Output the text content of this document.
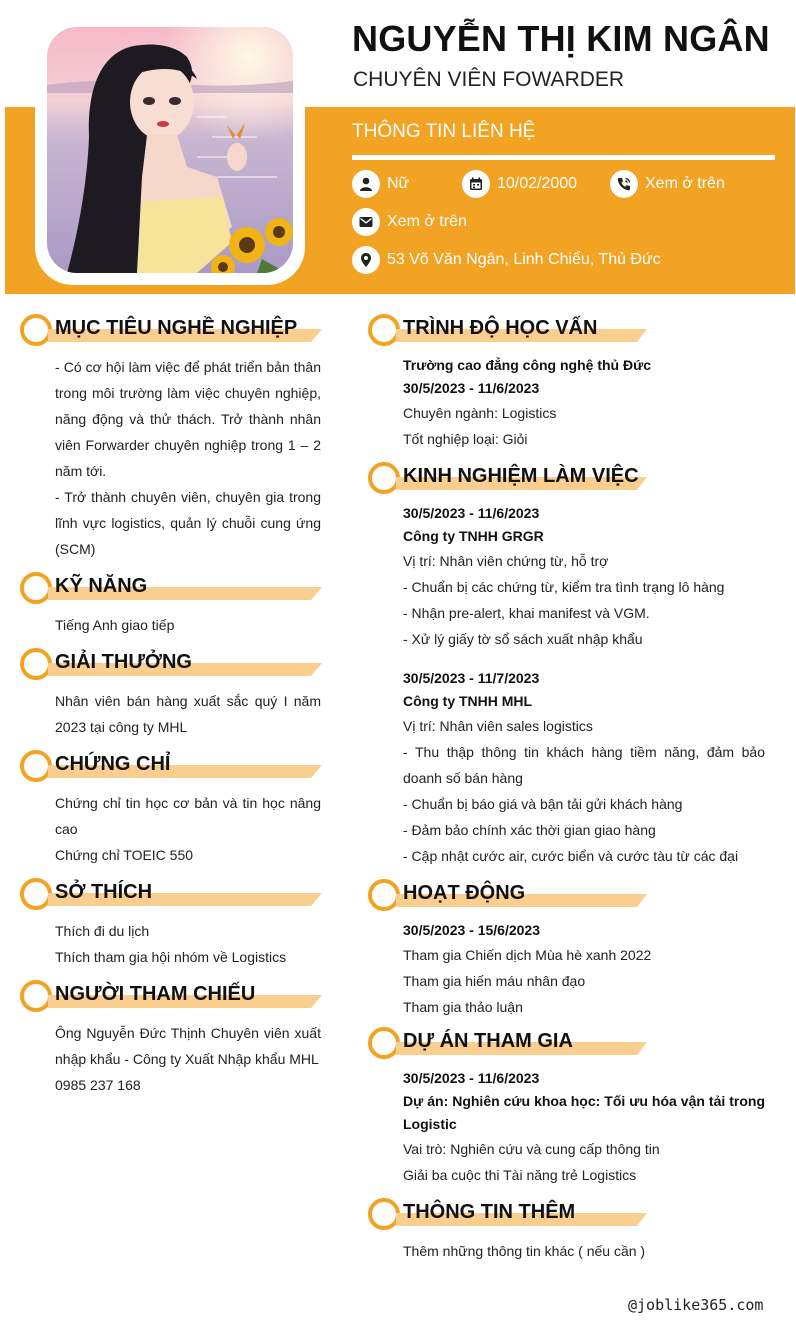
NGUYỄN THỊ KIM NGÂN
CHUYÊN VIÊN FOWARDER
THÔNG TIN LIÊN HỆ
Nữ	10/02/2000	Xem ở trên
Xem ở trên
53 Võ Văn Ngân, Linh Chiểu, Thủ Đức
MỤC TIÊU NGHỀ NGHIỆP

- Có cơ hội làm việc để phát triển bản thân trong môi trường làm việc chuyên nghiệp, năng động và thử thách. Trở thành nhân viên Forwarder chuyên nghiệp trong 1 – 2 năm tới.

- Trở thành chuyên viên, chuyên gia trong lĩnh vực logistics, quản lý chuỗi cung ứng (SCM)

KỸ NĂNG
Tiếng Anh giao tiếp
GIẢI THƯỞNG
Nhân viên bán hàng xuất sắc quý I năm 2023 tại công ty MHL
CHỨNG CHỈ

Chứng chỉ tin học cơ bản và tin học nâng cao

Chứng chỉ TOEIC 550

SỞ THÍCH

Thích đi du lịch

Thích tham gia hội nhóm về Logistics

NGƯỜI THAM CHIẾU

Ông Nguyễn Đức Thịnh Chuyên viên xuất nhập khẩu - Công ty Xuất Nhập khẩu MHL

0985 237 168

TRÌNH ĐỘ HỌC VẤN

Trường cao đẳng công nghệ thủ Đức

30/5/2023 - 11/6/2023

Chuyên ngành: Logistics

Tốt nghiệp loại: Giỏi

KINH NGHIỆM LÀM VIỆC

30/5/2023 - 11/6/2023

Công ty TNHH GRGR

Vị trí: Nhân viên chứng từ, hỗ trợ

- Chuẩn bị các chứng từ, kiểm tra tình trạng lô hàng

- Nhận pre-alert, khai manifest và VGM.

- Xử lý giấy tờ sổ sách xuất nhập khẩu

30/5/2023 - 11/7/2023

Công ty TNHH MHL

Vị trí: Nhân viên sales logistics

- Thu thập thông tin khách hàng tiềm năng, đảm bảo doanh số bán hàng

- Chuẩn bị báo giá và bận tải gửi khách hàng

- Đảm bảo chính xác thời gian giao hàng

- Cập nhật cước air, cước biển và cước tàu từ các đại

HOẠT ĐỘNG

30/5/2023 - 15/6/2023

Tham gia Chiến dịch Mùa hè xanh 2022

Tham gia hiến máu nhân đạo

Tham gia thảo luận

DỰ ÁN THAM GIA

30/5/2023 - 11/6/2023

Dự án: Nghiên cứu khoa học: Tối ưu hóa vận tải trong Logistic

Vai trò: Nghiên cứu và cung cấp thông tin

Giải ba cuộc thi Tài năng trẻ Logistics

THÔNG TIN THÊM
Thêm những thông tin khác ( nếu cần )
@joblike365.com
